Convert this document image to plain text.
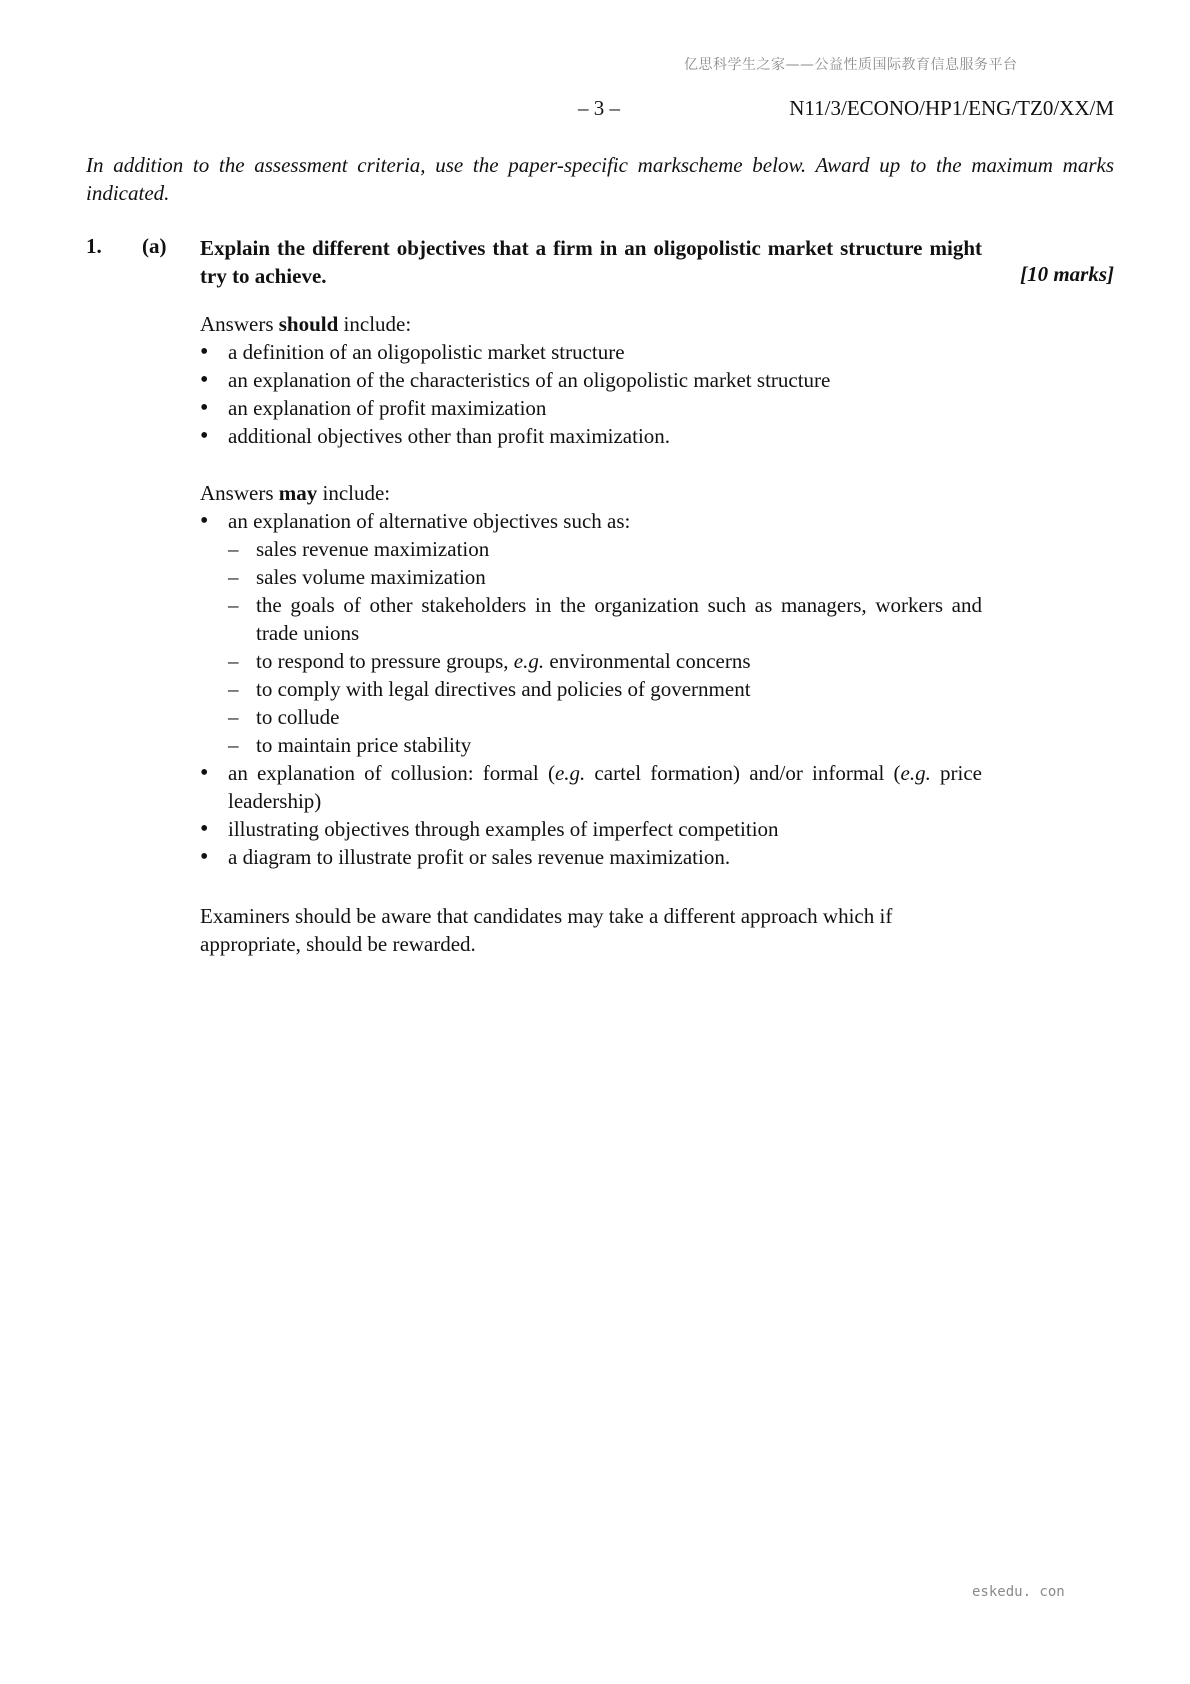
亿思科学生之家——公益性质国际教育信息服务平台
– 3 –	N11/3/ECONO/HP1/ENG/TZ0/XX/M
In addition to the assessment criteria, use the paper-specific markscheme below. Award up to the maximum marks indicated.
1. (a) Explain the different objectives that a firm in an oligopolistic market structure might try to achieve.	[10 marks]

Answers should include:

• a definition of an oligopolistic market structure
• an explanation of the characteristics of an oligopolistic market structure
• an explanation of profit maximization
• additional objectives other than profit maximization.

Answers may include:

• an explanation of alternative objectives such as:
– sales revenue maximization
– sales volume maximization
– the goals of other stakeholders in the organization such as managers, workers and trade unions
– to respond to pressure groups, e.g. environmental concerns
– to comply with legal directives and policies of government
– to collude
– to maintain price stability
• an explanation of collusion: formal (e.g. cartel formation) and/or informal (e.g. price leadership)
• illustrating objectives through examples of imperfect competition
• a diagram to illustrate profit or sales revenue maximization.

Examiners should be aware that candidates may take a different approach which if appropriate, should be rewarded.

eskedu. con
